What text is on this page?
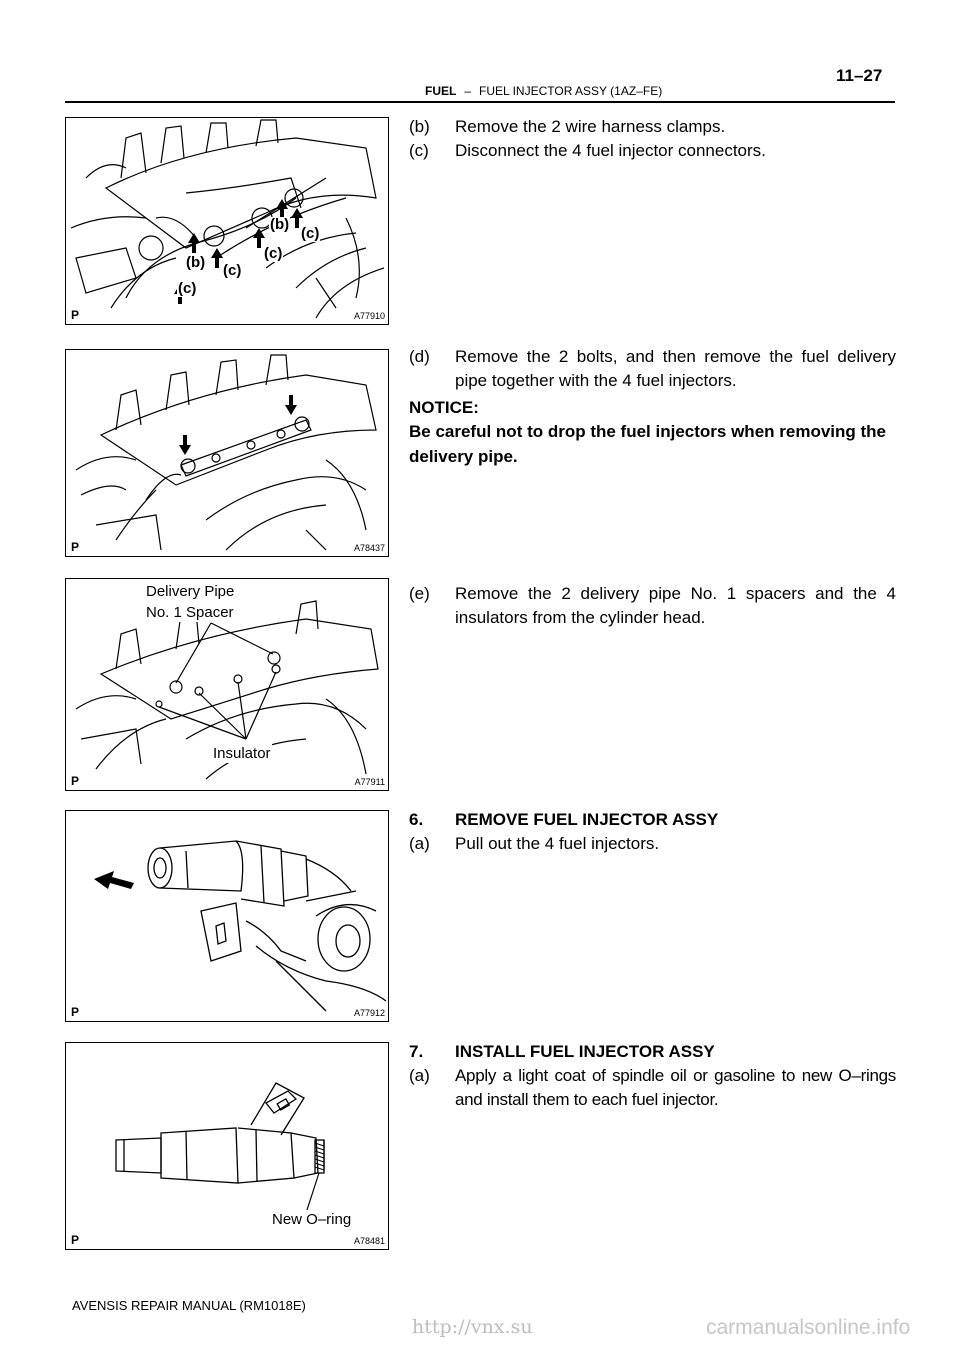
FUEL – FUEL INJECTOR ASSY (1AZ–FE)
11–27
(c)
(b) (c)
(c)
(b)
(c)
P	A77910
P	A78437
Delivery Pipe
No. 1 Spacer
Insulator
P	A77911
P	A77912
New O–ring
P	A78481
(b) Remove the 2 wire harness clamps.
(c) Disconnect the 4 fuel injector connectors.
(d) Remove the 2 bolts, and then remove the fuel delivery pipe together with the 4 fuel injectors.
NOTICE:
Be careful not to drop the fuel injectors when removing the delivery pipe.
(e) Remove the 2 delivery pipe No. 1 spacers and the 4 insulators from the cylinder head.
6. REMOVE FUEL INJECTOR ASSY
(a) Pull out the 4 fuel injectors.
7. INSTALL FUEL INJECTOR ASSY
(a) Apply a light coat of spindle oil or gasoline to new O–rings and install them to each fuel injector.
AVENSIS REPAIR MANUAL (RM1018E)
http://vnx.su	carmanualsonline.info
